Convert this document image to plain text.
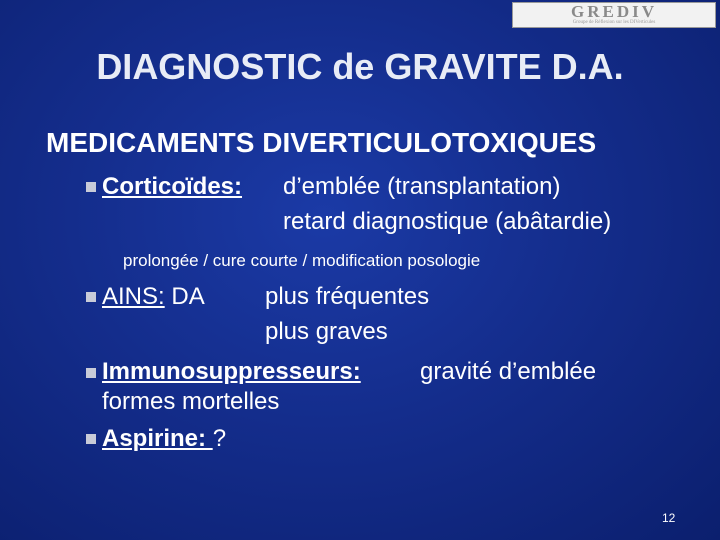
GREDIV
Groupe de Réflexion sur les DIVerticules
DIAGNOSTIC de GRAVITE D.A.
MEDICAMENTS DIVERTICULOTOXIQUES
Corticoïdes: d’emblée (transplantation)
retard diagnostique (abâtardie)
prolongée / cure courte / modification posologie
AINS: DA	plus fréquentes
plus graves
Immunosuppresseurs: gravité d’emblée
formes mortelles
Aspirine: ?
12
